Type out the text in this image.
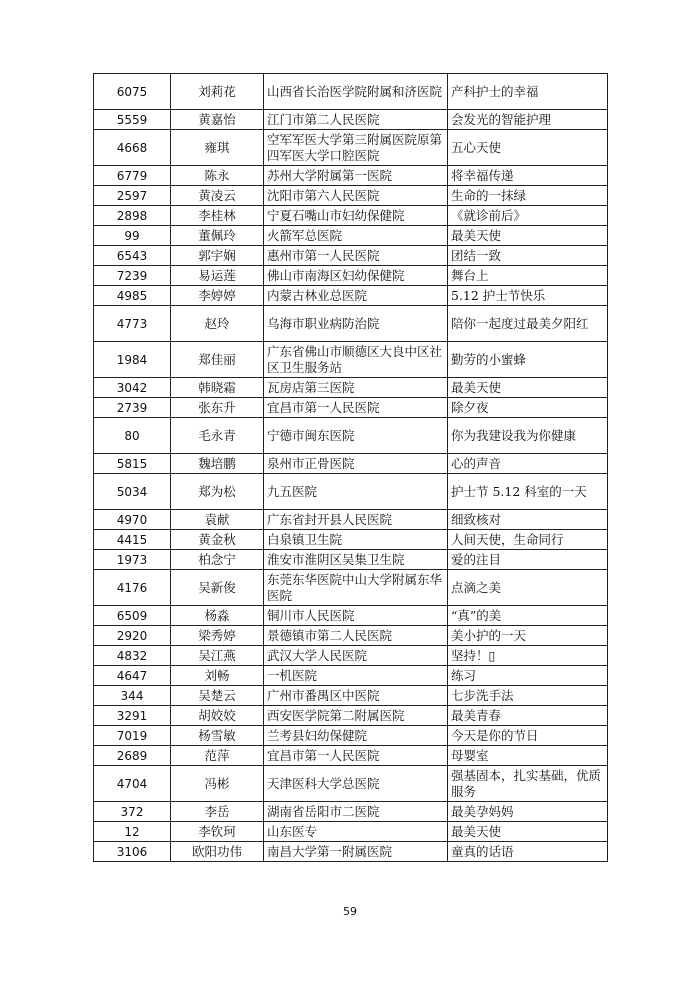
6075	刘莉花	山西省长治医学院附属和济医院	产科护士的幸福
5559	黄嘉怡	江门市第二人民医院	会发光的智能护理
4668	雍琪	空军军医大学第三附属医院原第四军医大学口腔医院	五心天使
6779	陈永	苏州大学附属第一医院	将幸福传递
2597	黄凌云	沈阳市第六人民医院	生命的一抹绿
2898	李桂林	宁夏石嘴山市妇幼保健院	《就诊前后》
99	董佩玲	火箭军总医院	最美天使
6543	郭宇娴	惠州市第一人民医院	团结一致
7239	易运莲	佛山市南海区妇幼保健院	舞台上
4985	李婷婷	内蒙古林业总医院	5.12 护士节快乐
4773	赵玲	乌海市职业病防治院	陪你一起度过最美夕阳红
1984	郑佳丽	广东省佛山市顺德区大良中区社区卫生服务站	勤劳的小蜜蜂
3042	韩晓霜	瓦房店第三医院	最美天使
2739	张东升	宜昌市第一人民医院	除夕夜
80	毛永青	宁德市闽东医院	你为我建设我为你健康
5815	魏培鹏	泉州市正骨医院	心的声音
5034	郑为松	九五医院	护士节 5.12 科室的一天
4970	袁献	广东省封开县人民医院	细致核对
4415	黄金秋	白泉镇卫生院	人间天使，生命同行
1973	柏念宁	淮安市淮阴区吴集卫生院	爱的注目
4176	吴新俊	东莞东华医院中山大学附属东华医院	点滴之美
6509	杨淼	铜川市人民医院	“真”的美
2920	梁秀婷	景德镇市第二人民医院	美小护的一天
4832	吴江燕	武汉大学人民医院	坚持！▯
4647	刘畅	一机医院	练习
344	吴楚云	广州市番禺区中医院	七步洗手法
3291	胡姣姣	西安医学院第二附属医院	最美青春
7019	杨雪敏	兰考县妇幼保健院	今天是你的节日
2689	范萍	宜昌市第一人民医院	母婴室
4704	冯彬	天津医科大学总医院	强基固本，扎实基础，优质服务
372	李岳	湖南省岳阳市二医院	最美孕妈妈
12	李钦珂	山东医专	最美天使
3106	欧阳功伟	南昌大学第一附属医院	童真的话语
59
